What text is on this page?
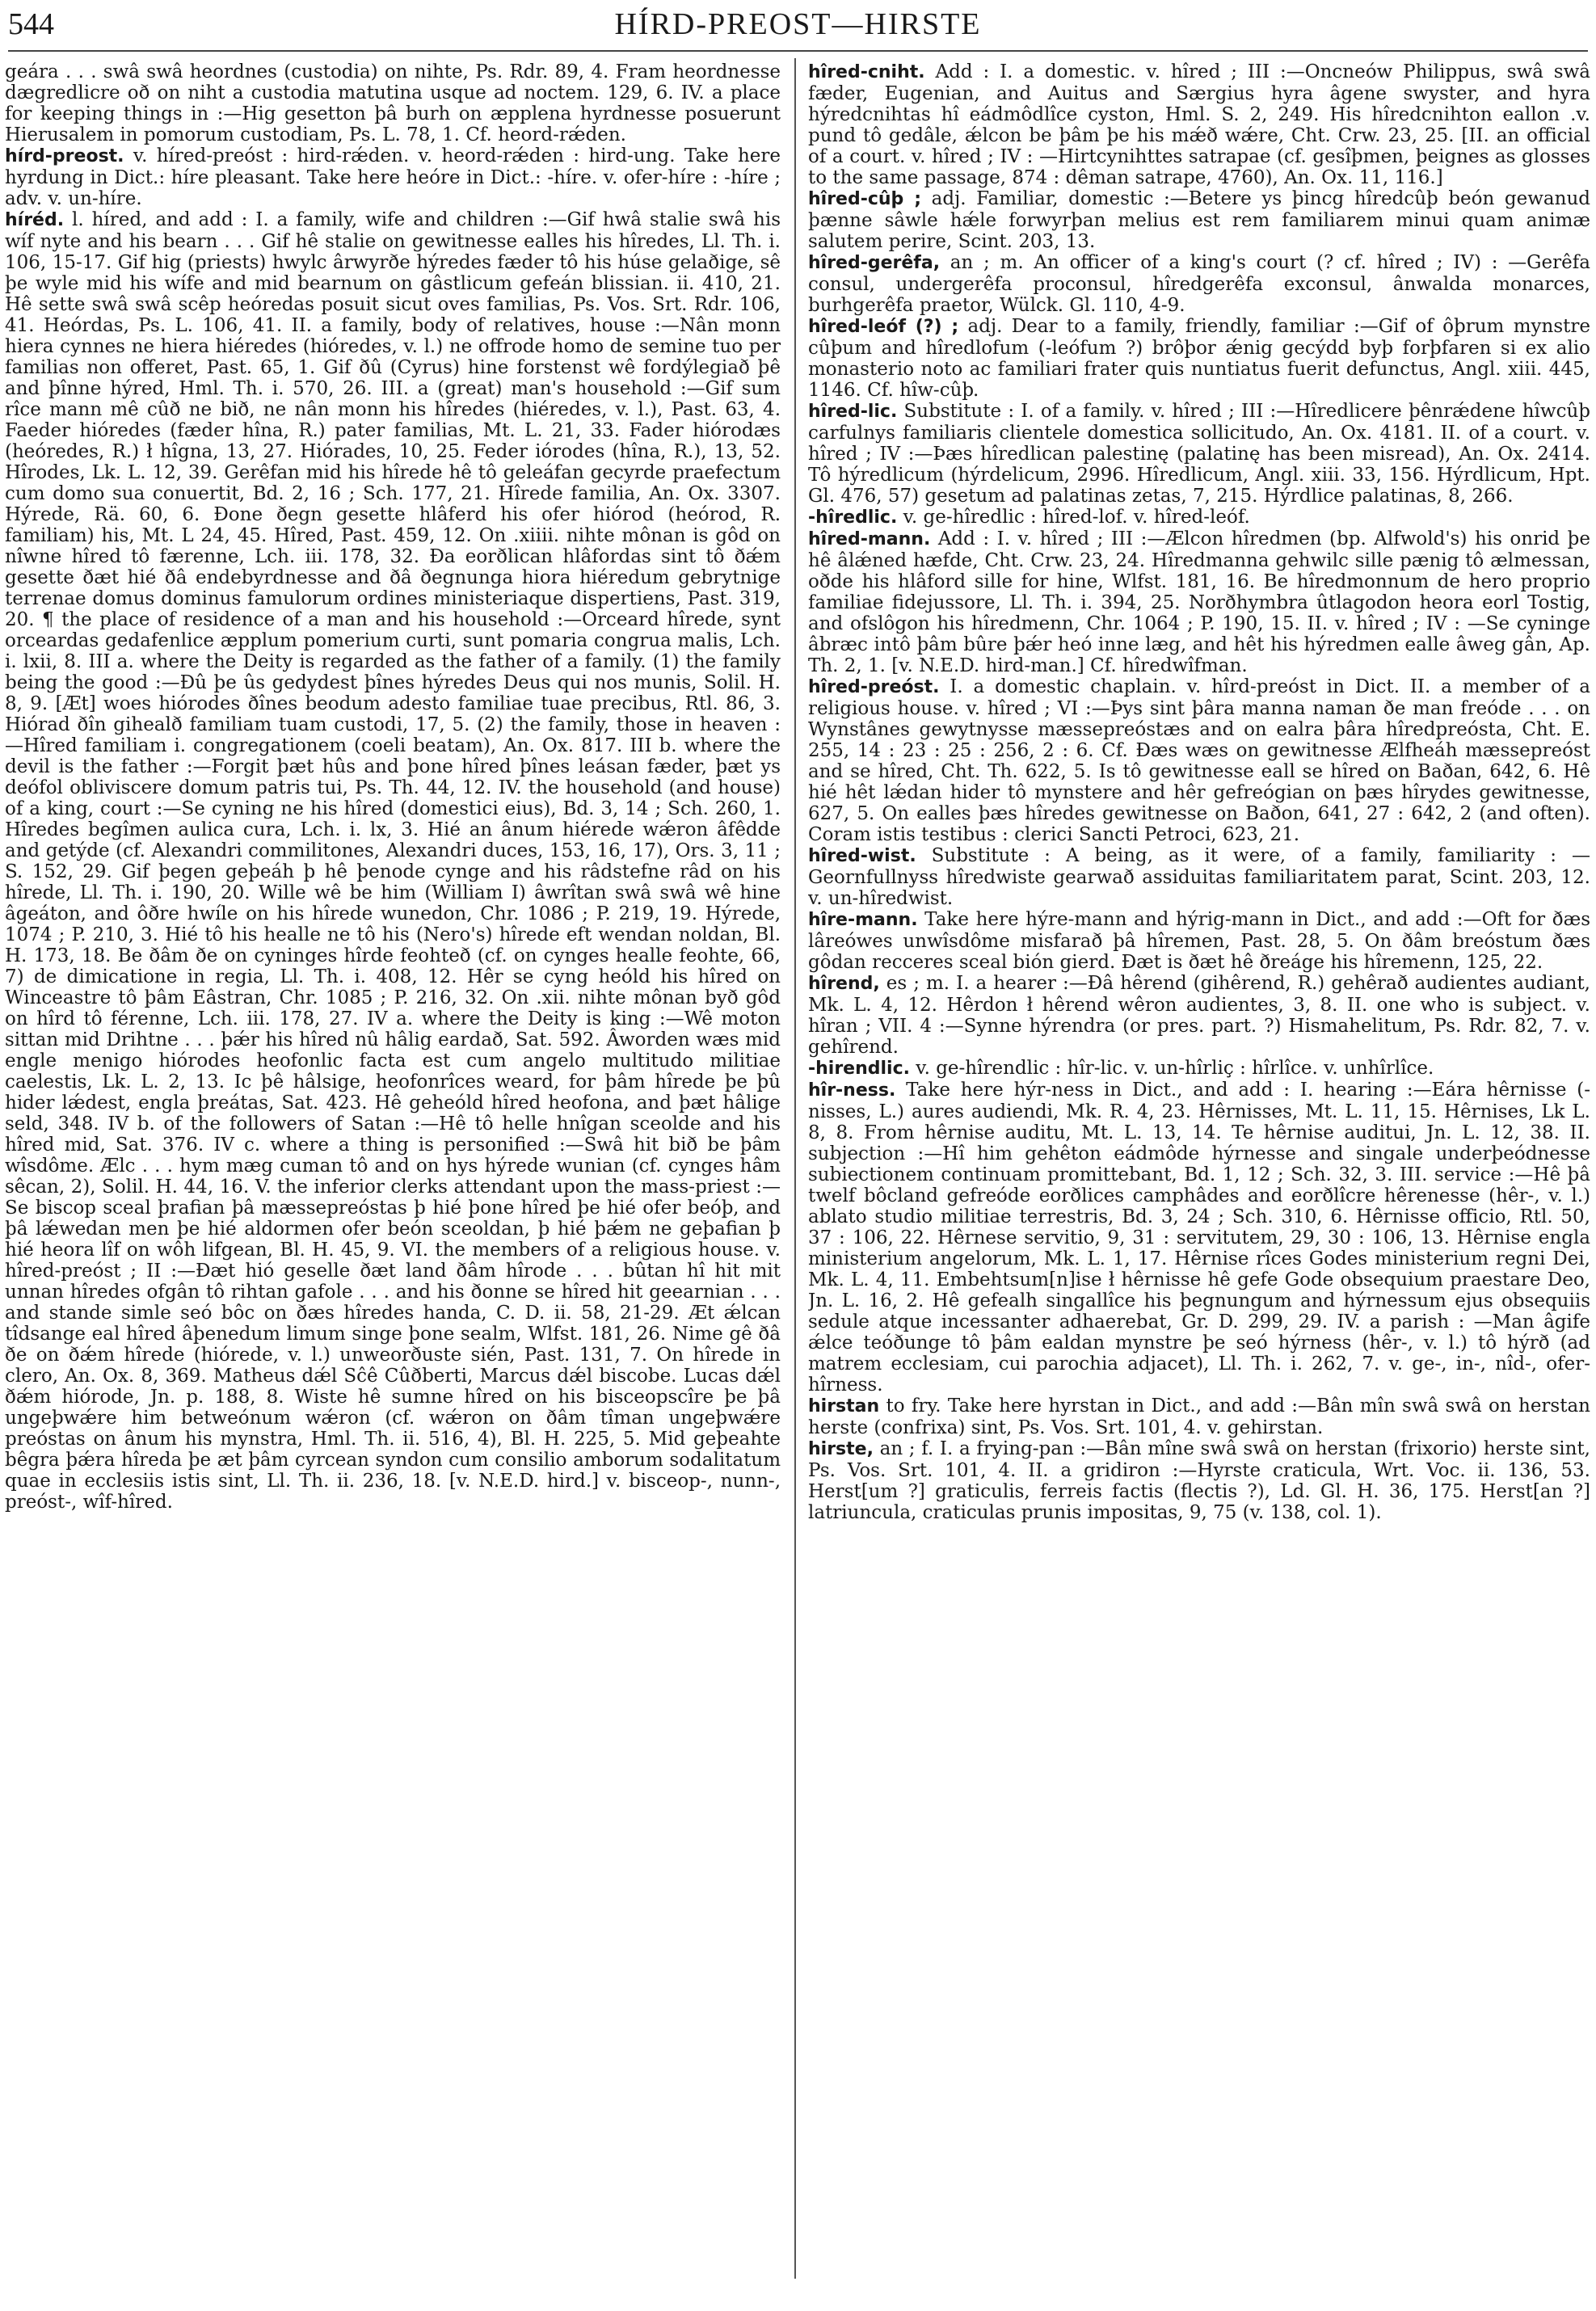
544	HÍRD-PREOST—HIRSTE

geára . . . swâ swâ heordnes (custodia) on nihte, Ps. Rdr. 89, 4. Fram heordnesse dægredlicre oð on niht a custodia matutina usque ad noctem. 129, 6. IV. a place for keeping things in :—Hig gesetton þâ burh on æpplena hyrdnesse posuerunt Hierusalem in pomorum custodiam, Ps. L. 78, 1. Cf. heord-rǽden.

hírd-preost. v. híred-preóst : hird-rǽden. v. heord-rǽden : hird-ung. Take here hyrdung in Dict.: híre pleasant. Take here heóre in Dict.: -híre. v. ofer-híre : -híre ; adv. v. un-híre.

híréd. l. híred, and add : I. a family, wife and children :—Gif hwâ stalie swâ his wíf nyte and his bearn . . . Gif hê stalie on gewitnesse ealles his hîredes, Ll. Th. i. 106, 15-17. Gif hig (priests) hwylc ârwyrðe hýredes fæder tô his húse gelaðige, sê þe wyle mid his wífe and mid bearnum on gâstlicum gefeán blissian. ii. 410, 21. Hê sette swâ swâ scêp heóredas posuit sicut oves familias, Ps. Vos. Srt. Rdr. 106, 41. Heórdas, Ps. L. 106, 41. II. a family, body of relatives, house :—Nân monn hiera cynnes ne hiera hiéredes (hióredes, v. l.) ne offrode homo de semine tuo per familias non offeret, Past. 65, 1. Gif ðû (Cyrus) hine forstenst wê fordýlegiað þê and þînne hýred, Hml. Th. i. 570, 26. III. a (great) man's household :—Gif sum rîce mann mê cûð ne bið, ne nân monn his hîredes (hiéredes, v. l.), Past. 63, 4. Faeder hióredes (fæder hîna, R.) pater familias, Mt. L. 21, 33. Fader hiórodæs (heóredes, R.) ł hîgna, 13, 27. Hiórades, 10, 25. Feder iórodes (hîna, R.), 13, 52. Hîrodes, Lk. L. 12, 39. Gerêfan mid his hîrede hê tô geleáfan gecyrde praefectum cum domo sua conuertit, Bd. 2, 16 ; Sch. 177, 21. Hîrede familia, An. Ox. 3307. Hýrede, Rä. 60, 6. Ðone ðegn gesette hlâferd his ofer hiórod (heórod, R. familiam) his, Mt. L 24, 45. Hîred, Past. 459, 12. On .xiiii. nihte mônan is gôd on nîwne hîred tô færenne, Lch. iii. 178, 32. Ða eorðlican hlâfordas sint tô ðǽm gesette ðæt hié ðâ endebyrdnesse and ðâ ðegnunga hiora hiéredum gebrytnige terrenae domus dominus famulorum ordines ministeriaque dispertiens, Past. 319, 20. ¶ the place of residence of a man and his household :—Orceard hîrede, synt orceardas gedafenlice æpplum pomerium curti, sunt pomaria congrua malis, Lch. i. lxii, 8. III a. where the Deity is regarded as the father of a family. (1) the family being the good :—Ðû þe ûs gedydest þînes hýredes Deus qui nos munis, Solil. H. 8, 9. [Æt] woes hiórodes ðînes beodum adesto familiae tuae precibus, Rtl. 86, 3. Hiórad ðîn gihealð familiam tuam custodi, 17, 5. (2) the family, those in heaven :—Hîred familiam i. congregationem (coeli beatam), An. Ox. 817. III b. where the devil is the father :—Forgit þæt hûs and þone hîred þînes leásan fæder, þæt ys deófol obliviscere domum patris tui, Ps. Th. 44, 12. IV. the household (and house) of a king, court :—Se cyning ne his hîred (domestici eius), Bd. 3, 14 ; Sch. 260, 1. Hîredes begîmen aulica cura, Lch. i. lx, 3. Hié an ânum hiérede wǽron âfêdde and getýde (cf. Alexandri commilitones, Alexandri duces, 153, 16, 17), Ors. 3, 11 ; S. 152, 29. Gif þegen geþeáh þ hê þenode cynge and his râdstefne râd on his hîrede, Ll. Th. i. 190, 20. Wille wê be him (William I) âwrîtan swâ swâ wê hine âgeáton, and ôðre hwíle on his hîrede wunedon, Chr. 1086 ; P. 219, 19. Hýrede, 1074 ; P. 210, 3. Hié tô his healle ne tô his (Nero's) hîrede eft wendan noldan, Bl. H. 173, 18. Be ðâm ðe on cyninges hîrde feohteð (cf. on cynges healle feohte, 66, 7) de dimicatione in regia, Ll. Th. i. 408, 12. Hêr se cyng heóld his hîred on Winceastre tô þâm Eâstran, Chr. 1085 ; P. 216, 32. On .xii. nihte mônan byð gôd on hîrd tô férenne, Lch. iii. 178, 27. IV a. where the Deity is king :—Wê moton sittan mid Drihtne . . . þǽr his hîred nû hâlig eardað, Sat. 592. Âworden wæs mid engle menigo hiórodes heofonlic facta est cum angelo multitudo militiae caelestis, Lk. L. 2, 13. Ic þê hâlsige, heofonrîces weard, for þâm hîrede þe þû hider lǽdest, engla þreátas, Sat. 423. Hê geheóld hîred heofona, and þæt hâlige seld, 348. IV b. of the followers of Satan :—Hê tô helle hnîgan sceolde and his hîred mid, Sat. 376. IV c. where a thing is personified :—Swâ hit bið be þâm wîsdôme. Ælc . . . hym mæg cuman tô and on hys hýrede wunian (cf. cynges hâm sêcan, 2), Solil. H. 44, 16. V. the inferior clerks attendant upon the mass-priest :—Se biscop sceal þrafian þâ mæssepreóstas þ hié þone hîred þe hié ofer beóþ, and þâ lǽwedan men þe hié aldormen ofer beón sceoldan, þ hié þǽm ne geþafian þ hié heora lîf on wôh lifgean, Bl. H. 45, 9. VI. the members of a religious house. v. hîred-preóst ; II :—Ðæt hió geselle ðæt land ðâm hîrode . . . bûtan hî hit mit unnan hîredes ofgân tô rihtan gafole . . . and his ðonne se hîred hit geearnian . . . and stande simle seó bôc on ðæs hîredes handa, C. D. ii. 58, 21-29. Æt ǽlcan tîdsange eal hîred âþenedum limum singe þone sealm, Wlfst. 181, 26. Nime gê ðâ ðe on ðǽm hîrede (hiórede, v. l.) unweorðuste sién, Past. 131, 7. On hîrede in clero, An. Ox. 8, 369. Matheus dǽl Sĉê Cûðberti, Marcus dǽl biscobe. Lucas dǽl ðǽm hiórode, Jn. p. 188, 8. Wiste hê sumne hîred on his bisceopscîre þe þâ ungeþwǽre him betweónum wǽron (cf. wǽron on ðâm tîman ungeþwǽre preóstas on ânum his mynstra, Hml. Th. ii. 516, 4), Bl. H. 225, 5. Mid geþeahte bêgra þǽra hîreda þe æt þâm cyrcean syndon cum consilio amborum sodalitatum quae in ecclesiis istis sint, Ll. Th. ii. 236, 18. [v. N.E.D. hird.] v. bisceop-, nunn-, preóst-, wîf-hîred.

hîred-cniht. Add : I. a domestic. v. hîred ; III :—Oncneów Philippus, swâ swâ fæder, Eugenian, and Auitus and Særgius hyra âgene swyster, and hyra hýredcnihtas hî eádmôdlîce cyston, Hml. S. 2, 249. His hîredcnihton eallon .v. pund tô gedâle, ǽlcon be þâm þe his mǽð wǽre, Cht. Crw. 23, 25. [II. an official of a court. v. hîred ; IV : —Hirtcynihttes satrapae (cf. gesîþmen, þeignes as glosses to the same passage, 874 : dêman satrape, 4760), An. Ox. 11, 116.]

hîred-cûþ ; adj. Familiar, domestic :—Betere ys þincg hîredcûþ beón gewanud þænne sâwle hǽle forwyrþan melius est rem familiarem minui quam animæ salutem perire, Scint. 203, 13.

hîred-gerêfa, an ; m. An officer of a king's court (? cf. hîred ; IV) : —Gerêfa consul, undergerêfa proconsul, hîredgerêfa exconsul, ânwalda monarces, burhgerêfa praetor, Wülck. Gl. 110, 4-9.

hîred-leóf (?) ; adj. Dear to a family, friendly, familiar :—Gif of ôþrum mynstre cûþum and hîredlofum (-leófum ?) brôþor ǽnig gecýdd byþ forþfaren si ex alio monasterio noto ac familiari frater quis nuntiatus fuerit defunctus, Angl. xiii. 445, 1146. Cf. hîw-cûþ.

hîred-lic. Substitute : I. of a family. v. hîred ; III :—Hîredlicere þênrǽdene hîwcûþ carfulnys familiaris clientele domestica sollicitudo, An. Ox. 4181. II. of a court. v. hîred ; IV :—Þæs hîredlican palestinę (palatinę has been misread), An. Ox. 2414. Tô hýredlicum (hýrdelicum, 2996. Hîredlicum, Angl. xiii. 33, 156. Hýrdlicum, Hpt. Gl. 476, 57) gesetum ad palatinas zetas, 7, 215. Hýrdlice palatinas, 8, 266.

-hîredlic. v. ge-hîredlic : hîred-lof. v. hîred-leóf.

hîred-mann. Add : I. v. hîred ; III :—Ælcon hîredmen (bp. Alfwold's) his onrid þe hê âlǽned hæfde, Cht. Crw. 23, 24. Hîredmanna gehwilc sille pænig tô ælmessan, oðde his hlâford sille for hine, Wlfst. 181, 16. Be hîredmonnum de hero proprio familiae fidejussore, Ll. Th. i. 394, 25. Norðhymbra ûtlagodon heora eorl Tostig, and ofslôgon his hîredmenn, Chr. 1064 ; P. 190, 15. II. v. hîred ; IV : —Se cyninge âbræc intô þâm bûre þǽr heó inne læg, and hêt his hýredmen ealle âweg gân, Ap. Th. 2, 1. [v. N.E.D. hird-man.] Cf. hîredwîfman.

hîred-preóst. I. a domestic chaplain. v. hîrd-preóst in Dict. II. a member of a religious house. v. hîred ; VI :—Þys sint þâra manna naman ðe man freóde . . . on Wynstânes gewytnysse mæssepreóstæs and on ealra þâra hîredpreósta, Cht. E. 255, 14 : 23 : 25 : 256, 2 : 6. Cf. Ðæs wæs on gewitnesse Ælfheáh mæssepreóst and se hîred, Cht. Th. 622, 5. Is tô gewitnesse eall se hîred on Baðan, 642, 6. Hê hié hêt lǽdan hider tô mynstere and hêr gefreógian on þæs hîrydes gewitnesse, 627, 5. On ealles þæs hîredes gewitnesse on Baðon, 641, 27 : 642, 2 (and often). Coram istis testibus : clerici Sancti Petroci, 623, 21.

hîred-wist. Substitute : A being, as it were, of a family, familiarity : —Geornfullnyss hîredwiste gearwað assiduitas familiaritatem parat, Scint. 203, 12. v. un-hîredwist.

hîre-mann. Take here hýre-mann and hýrig-mann in Dict., and add :—Oft for ðæs lâreówes unwîsdôme misfarað þâ hîremen, Past. 28, 5. On ðâm breóstum ðæs gôdan recceres sceal bión gierd. Ðæt is ðæt hê ðreáge his hîremenn, 125, 22.

hîrend, es ; m. I. a hearer :—Ðâ hêrend (gihêrend, R.) gehêrað audientes audiant, Mk. L. 4, 12. Hêrdon ł hêrend wêron audientes, 3, 8. II. one who is subject. v. hîran ; VII. 4 :—Synne hýrendra (or pres. part. ?) Hismahelitum, Ps. Rdr. 82, 7. v. gehîrend.

-hirendlic. v. ge-hîrendlic : hîr-lic. v. un-hîrliç : hîrlîce. v. unhîrlîce.

hîr-ness. Take here hýr-ness in Dict., and add : I. hearing :—Eára hêrnisse (-nisses, L.) aures audiendi, Mk. R. 4, 23. Hêrnisses, Mt. L. 11, 15. Hêrnises, Lk L. 8, 8. From hêrnise auditu, Mt. L. 13, 14. Te hêrnise auditui, Jn. L. 12, 38. II. subjection :—Hî him gehêton eádmôde hýrnesse and singale underþeódnesse subiectionem continuam promittebant, Bd. 1, 12 ; Sch. 32, 3. III. service :—Hê þâ twelf bôcland gefreóde eorðlices camphâdes and eorðlîcre hêrenesse (hêr-, v. l.) ablato studio militiae terrestris, Bd. 3, 24 ; Sch. 310, 6. Hêrnisse officio, Rtl. 50, 37 : 106, 22. Hêrnese servitio, 9, 31 : servitutem, 29, 30 : 106, 13. Hêrnise engla ministerium angelorum, Mk. L. 1, 17. Hêrnise rîces Godes ministerium regni Dei, Mk. L. 4, 11. Embehtsum[n]ise ł hêrnisse hê gefe Gode obsequium praestare Deo, Jn. L. 16, 2. Hê gefealh singallîce his þegnungum and hýrnessum ejus obsequiis sedule atque incessanter adhaerebat, Gr. D. 299, 29. IV. a parish : —Man âgife ǽlce teóðunge tô þâm ealdan mynstre þe seó hýrness (hêr-, v. l.) tô hýrð (ad matrem ecclesiam, cui parochia adjacet), Ll. Th. i. 262, 7. v. ge-, in-, nîd-, ofer-hîrness.

hirstan to fry. Take here hyrstan in Dict., and add :—Bân mîn swâ swâ on herstan herste (confrixa) sint, Ps. Vos. Srt. 101, 4. v. gehirstan.

hirste, an ; f. I. a frying-pan :—Bân mîne swâ swâ on herstan (frixorio) herste sint, Ps. Vos. Srt. 101, 4. II. a gridiron :—Hyrste craticula, Wrt. Voc. ii. 136, 53. Herst[um ?] graticulis, ferreis factis (flectis ?), Ld. Gl. H. 36, 175. Herst[an ?] latriuncula, craticulas prunis impositas, 9, 75 (v. 138, col. 1).
